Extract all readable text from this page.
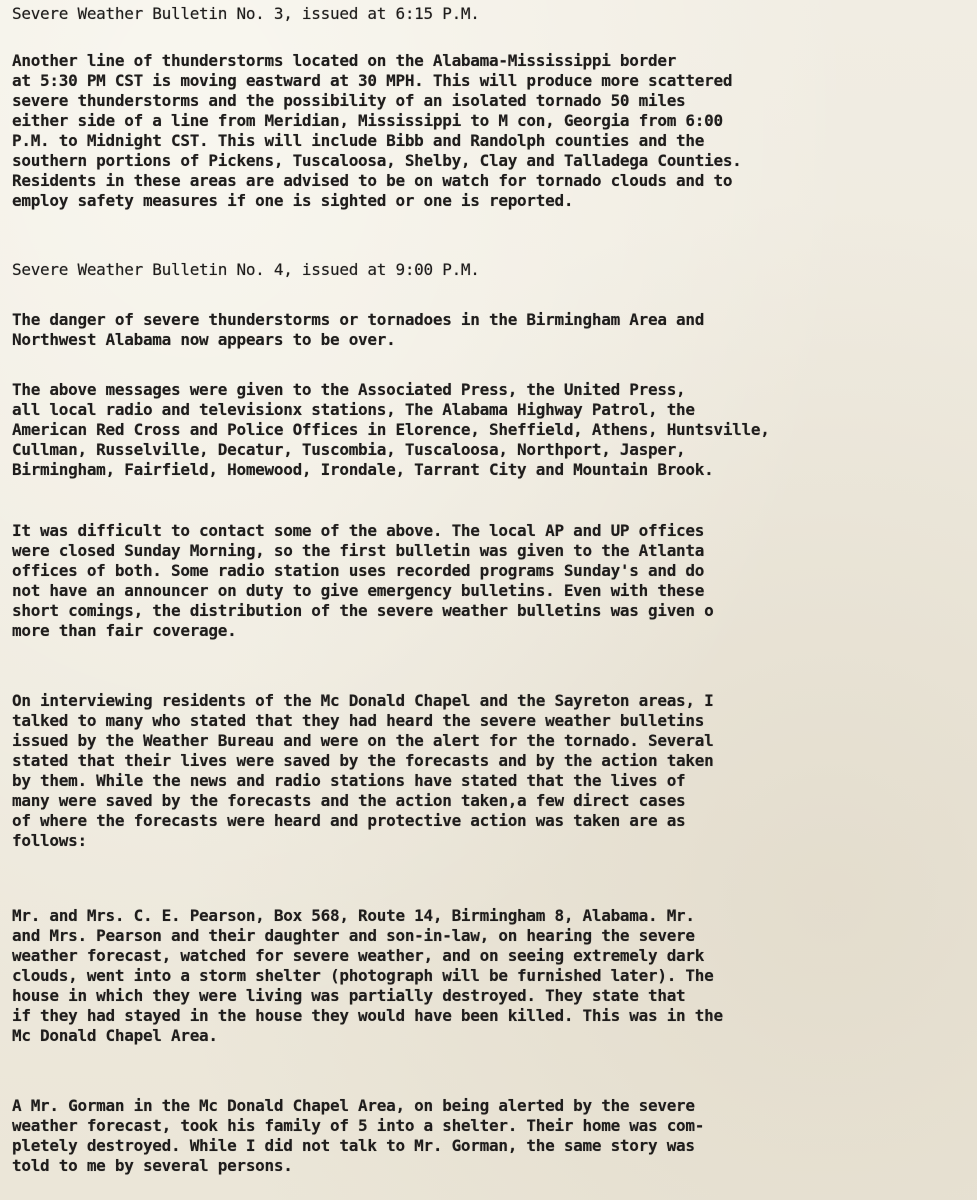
Severe Weather Bulletin No. 3, issued at 6:15 P.M.
Another line of thunderstorms located on the Alabama-Mississippi border
at 5:30 PM CST is moving eastward at 30 MPH. This will produce more scattered
severe thunderstorms and the possibility of an isolated tornado 50 miles
either side of a line from Meridian, Mississippi to M con, Georgia from 6:00
P.M. to Midnight CST. This will include Bibb and Randolph counties and the
southern portions of Pickens, Tuscaloosa, Shelby, Clay and Talladega Counties.
Residents in these areas are advised to be on watch for tornado clouds and to
employ safety measures if one is sighted or one is reported.
Severe Weather Bulletin No. 4, issued at 9:00 P.M.
The danger of severe thunderstorms or tornadoes in the Birmingham Area and
Northwest Alabama now appears to be over.
The above messages were given to the Associated Press, the United Press,
all local radio and televisionx stations, The Alabama Highway Patrol, the
American Red Cross and Police Offices in Elorence, Sheffield, Athens, Huntsville,
Cullman, Russelville, Decatur, Tuscombia, Tuscaloosa, Northport, Jasper,
Birmingham, Fairfield, Homewood, Irondale, Tarrant City and Mountain Brook.
It was difficult to contact some of the above. The local AP and UP offices
were closed Sunday Morning, so the first bulletin was given to the Atlanta
offices of both. Some radio station uses recorded programs Sunday's and do
not have an announcer on duty to give emergency bulletins. Even with these
short comings, the distribution of the severe weather bulletins was given o
more than fair coverage.
On interviewing residents of the Mc Donald Chapel and the Sayreton areas, I
talked to many who stated that they had heard the severe weather bulletins
issued by the Weather Bureau and were on the alert for the tornado. Several
stated that their lives were saved by the forecasts and by the action taken
by them. While the news and radio stations have stated that the lives of
many were saved by the forecasts and the action taken,a few direct cases
of where the forecasts were heard and protective action was taken are as
follows:
Mr. and Mrs. C. E. Pearson, Box 568, Route 14, Birmingham 8, Alabama. Mr.
and Mrs. Pearson and their daughter and son-in-law, on hearing the severe
weather forecast, watched for severe weather, and on seeing extremely dark
clouds, went into a storm shelter (photograph will be furnished later). The
house in which they were living was partially destroyed. They state that
if they had stayed in the house they would have been killed. This was in the
Mc Donald Chapel Area.
A Mr. Gorman in the Mc Donald Chapel Area, on being alerted by the severe
weather forecast, took his family of 5 into a shelter. Their home was com-
pletely destroyed. While I did not talk to Mr. Gorman, the same story was
told to me by several persons.
